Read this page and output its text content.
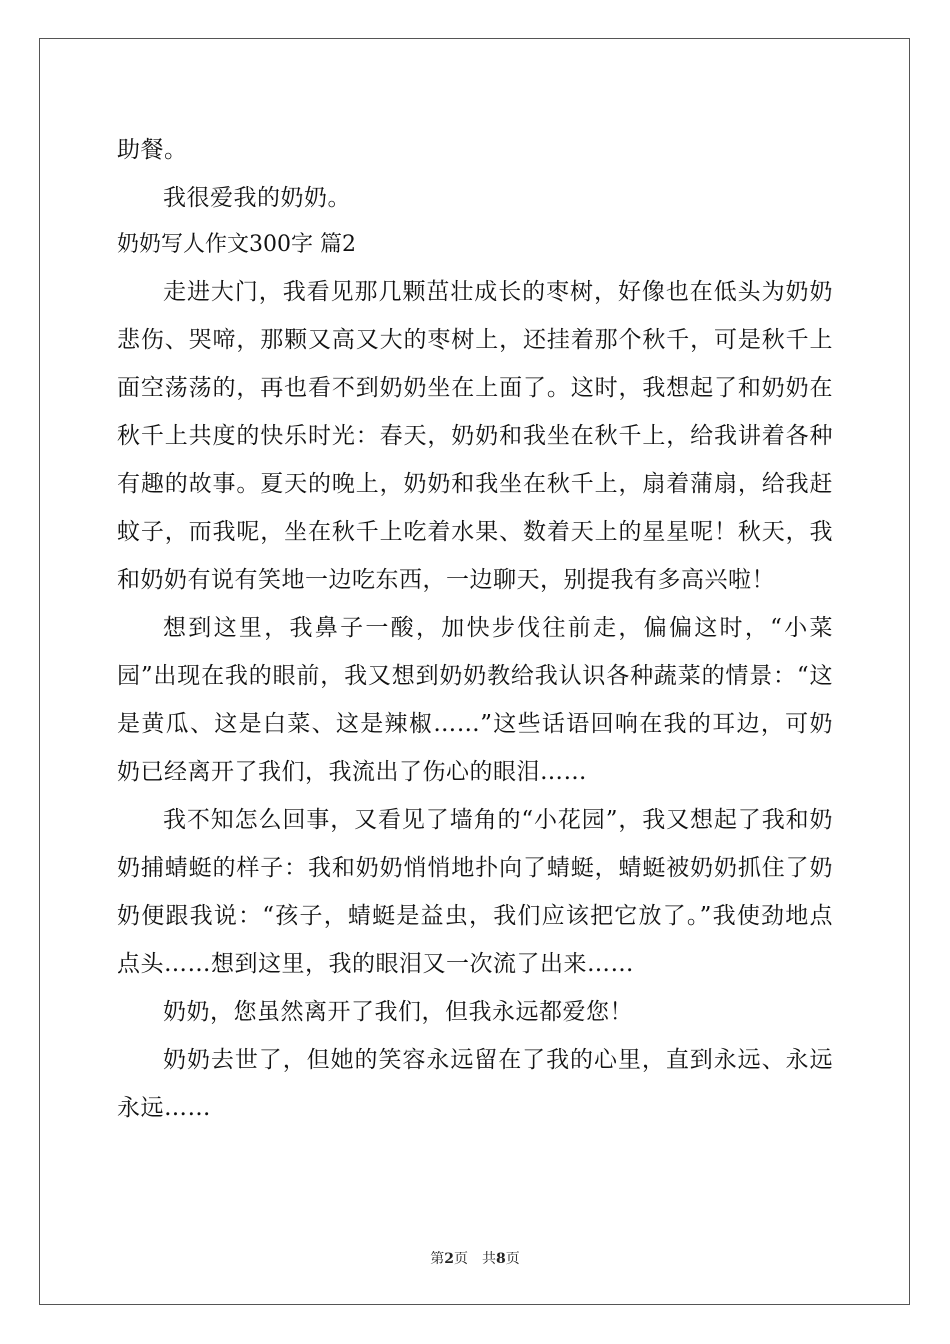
助餐。

我很爱我的奶奶。

奶奶写人作文300字 篇2

走进大门，我看见那几颗茁壮成长的枣树，好像也在低头为奶奶悲伤、哭啼，那颗又高又大的枣树上，还挂着那个秋千，可是秋千上面空荡荡的，再也看不到奶奶坐在上面了。这时，我想起了和奶奶在秋千上共度的快乐时光：春天，奶奶和我坐在秋千上，给我讲着各种有趣的故事。夏天的晚上，奶奶和我坐在秋千上，扇着蒲扇，给我赶蚊子，而我呢，坐在秋千上吃着水果、数着天上的星星呢！秋天，我和奶奶有说有笑地一边吃东西，一边聊天，别提我有多高兴啦！

想到这里，我鼻子一酸，加快步伐往前走，偏偏这时，“小菜园”出现在我的眼前，我又想到奶奶教给我认识各种蔬菜的情景：“这是黄瓜、这是白菜、这是辣椒……”这些话语回响在我的耳边，可奶奶已经离开了我们，我流出了伤心的眼泪……

我不知怎么回事，又看见了墙角的“小花园”，我又想起了我和奶奶捕蜻蜓的样子：我和奶奶悄悄地扑向了蜻蜓，蜻蜓被奶奶抓住了奶奶便跟我说：“孩子，蜻蜓是益虫，我们应该把它放了。”我使劲地点点头……想到这里，我的眼泪又一次流了出来……

奶奶，您虽然离开了我们，但我永远都爱您！

奶奶去世了，但她的笑容永远留在了我的心里，直到永远、永远永远……

第2页 共8页
